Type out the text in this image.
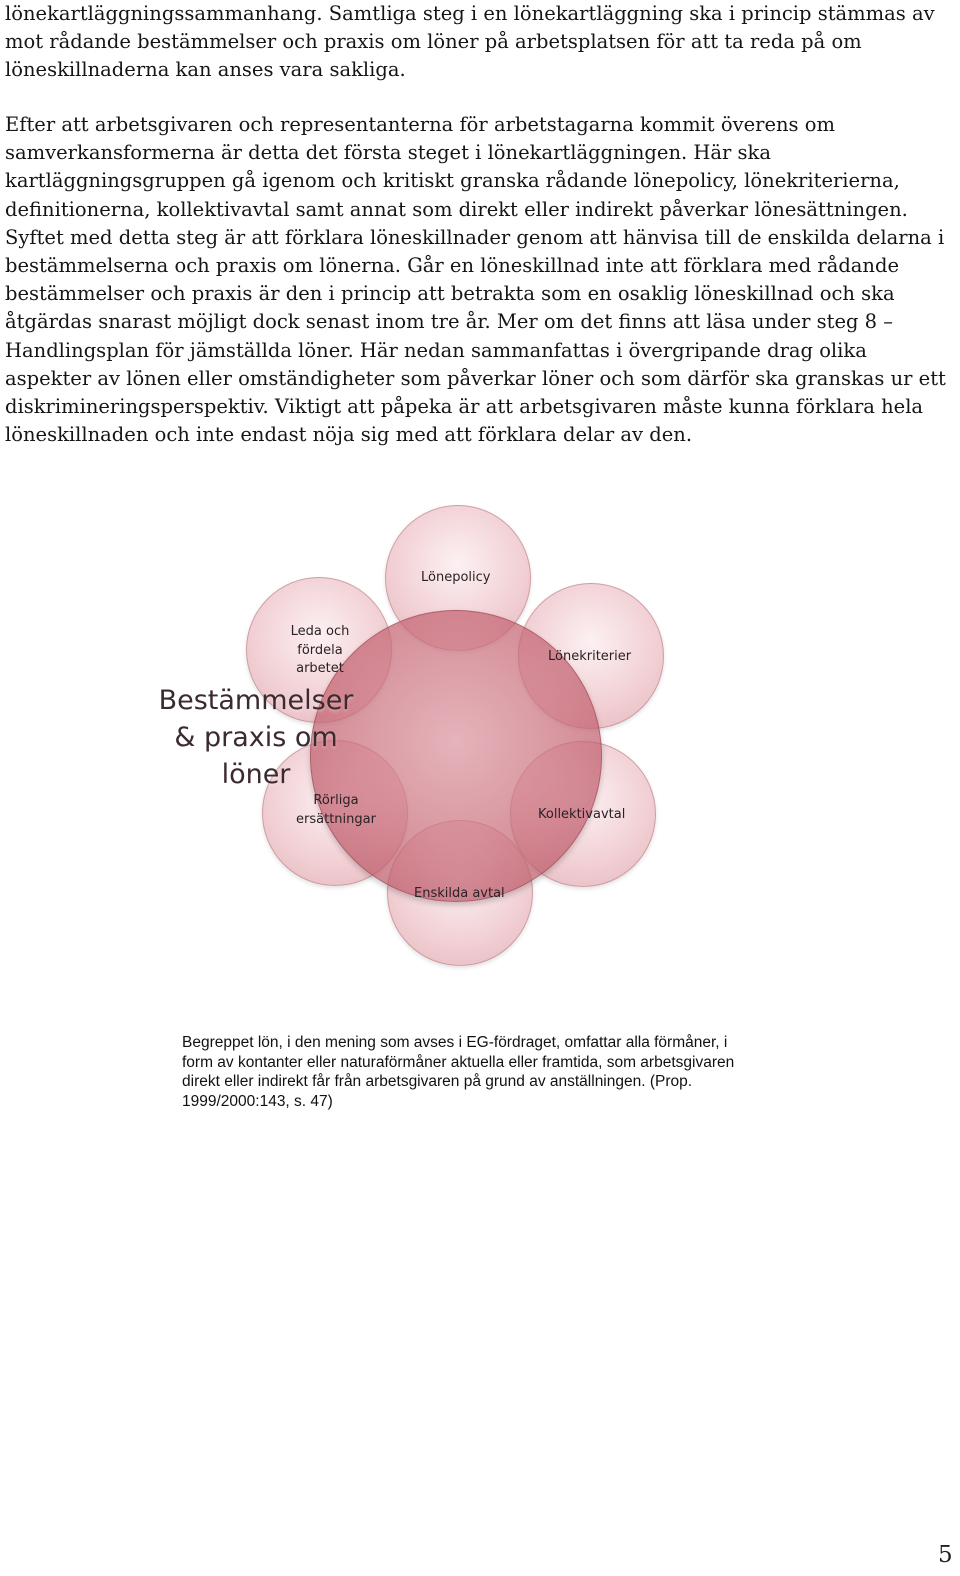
lönekartläggningssammanhang. Samtliga steg i en lönekartläggning ska i princip stämmas av mot rådande bestämmelser och praxis om löner på arbetsplatsen för att ta reda på om löneskillnaderna kan anses vara sakliga.

Efter att arbetsgivaren och representanterna för arbetstagarna kommit överens om samverkansformerna är detta det första steget i lönekartläggningen. Här ska kartläggningsgruppen gå igenom och kritiskt granska rådande lönepolicy, lönekriterierna, definitionerna, kollektivavtal samt annat som direkt eller indirekt påverkar lönesättningen. Syftet med detta steg är att förklara löneskillnader genom att hänvisa till de enskilda delarna i bestämmelserna och praxis om lönerna. Går en löneskillnad inte att förklara med rådande bestämmelser och praxis är den i princip att betrakta som en osaklig löneskillnad och ska åtgärdas snarast möjligt dock senast inom tre år. Mer om det finns att läsa under steg 8 – Handlingsplan för jämställda löner. Här nedan sammanfattas i övergripande drag olika aspekter av lönen eller omständigheter som påverkar löner och som därför ska granskas ur ett diskrimineringsperspektiv. Viktigt att påpeka är att arbetsgivaren måste kunna förklara hela löneskillnaden och inte endast nöja sig med att förklara delar av den.

Lönepolicy
Lönekriterier
Kollektivavtal
Enskilda avtal
Rörliga
ersättningar
Leda och
fördela
arbetet
Bestämmelser & praxis om löner

Begreppet lön, i den mening som avses i EG-fördraget, omfattar alla förmåner, i form av kontanter eller naturaförmåner aktuella eller framtida, som arbetsgivaren direkt eller indirekt får från arbetsgivaren på grund av anställningen. (Prop. 1999/2000:143, s. 47)

5
